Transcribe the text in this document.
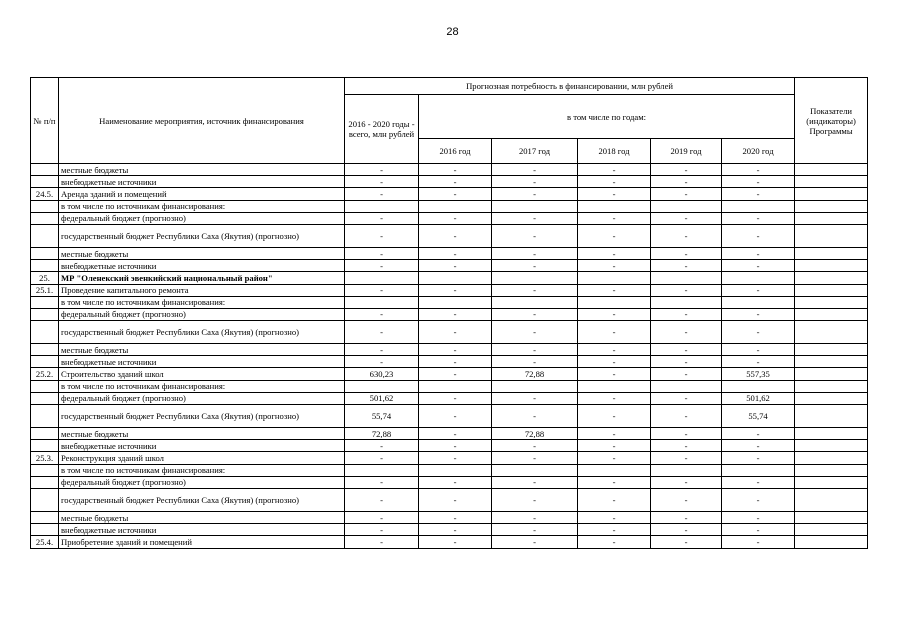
28
№ п/п	Наименование мероприятия, источник финансирования	Прогнозная потребность в финансировании, млн рублей						Показатели (индикаторы) Программы
		2016 - 2020 годы - всего, млн рублей	в том числе по годам:					
			2016 год	2017 год	2018 год	2019 год	2020 год	
	местные бюджеты	-	-	-	-	-	-	
	внебюджетные источники	-	-	-	-	-	-	
24.5.	Аренда зданий и помещений	-	-	-	-	-	-	
	в том числе по источникам финансирования:							
	федеральный бюджет (прогнозно)	-	-	-	-	-	-	
	государственный бюджет Республики Саха (Якутия) (прогнозно)	-	-	-	-	-	-	
	местные бюджеты	-	-	-	-	-	-	
	внебюджетные источники	-	-	-	-	-	-	
25.	МР "Оленекский эвенкийский национальный район"							
25.1.	Проведение капитального ремонта	-	-	-	-	-	-	
	в том числе по источникам финансирования:							
	федеральный бюджет (прогнозно)	-	-	-	-	-	-	
	государственный бюджет Республики Саха (Якутия) (прогнозно)	-	-	-	-	-	-	
	местные бюджеты	-	-	-	-	-	-	
	внебюджетные источники	-	-	-	-	-	-	
25.2.	Строительство зданий школ	630,23	-	72,88	-	-	557,35	
	в том числе по источникам финансирования:							
	федеральный бюджет (прогнозно)	501,62	-	-	-	-	501,62	
	государственный бюджет Республики Саха (Якутия) (прогнозно)	55,74	-	-	-	-	55,74	
	местные бюджеты	72,88	-	72,88	-	-	-	
	внебюджетные источники	-	-	-	-	-	-	
25.3.	Реконструкция зданий школ	-	-	-	-	-	-	
	в том числе по источникам финансирования:							
	федеральный бюджет (прогнозно)	-	-	-	-	-	-	
	государственный бюджет Республики Саха (Якутия) (прогнозно)	-	-	-	-	-	-	
	местные бюджеты	-	-	-	-	-	-	
	внебюджетные источники	-	-	-	-	-	-	
25.4.	Приобретение зданий и помещений	-	-	-	-	-	-	
